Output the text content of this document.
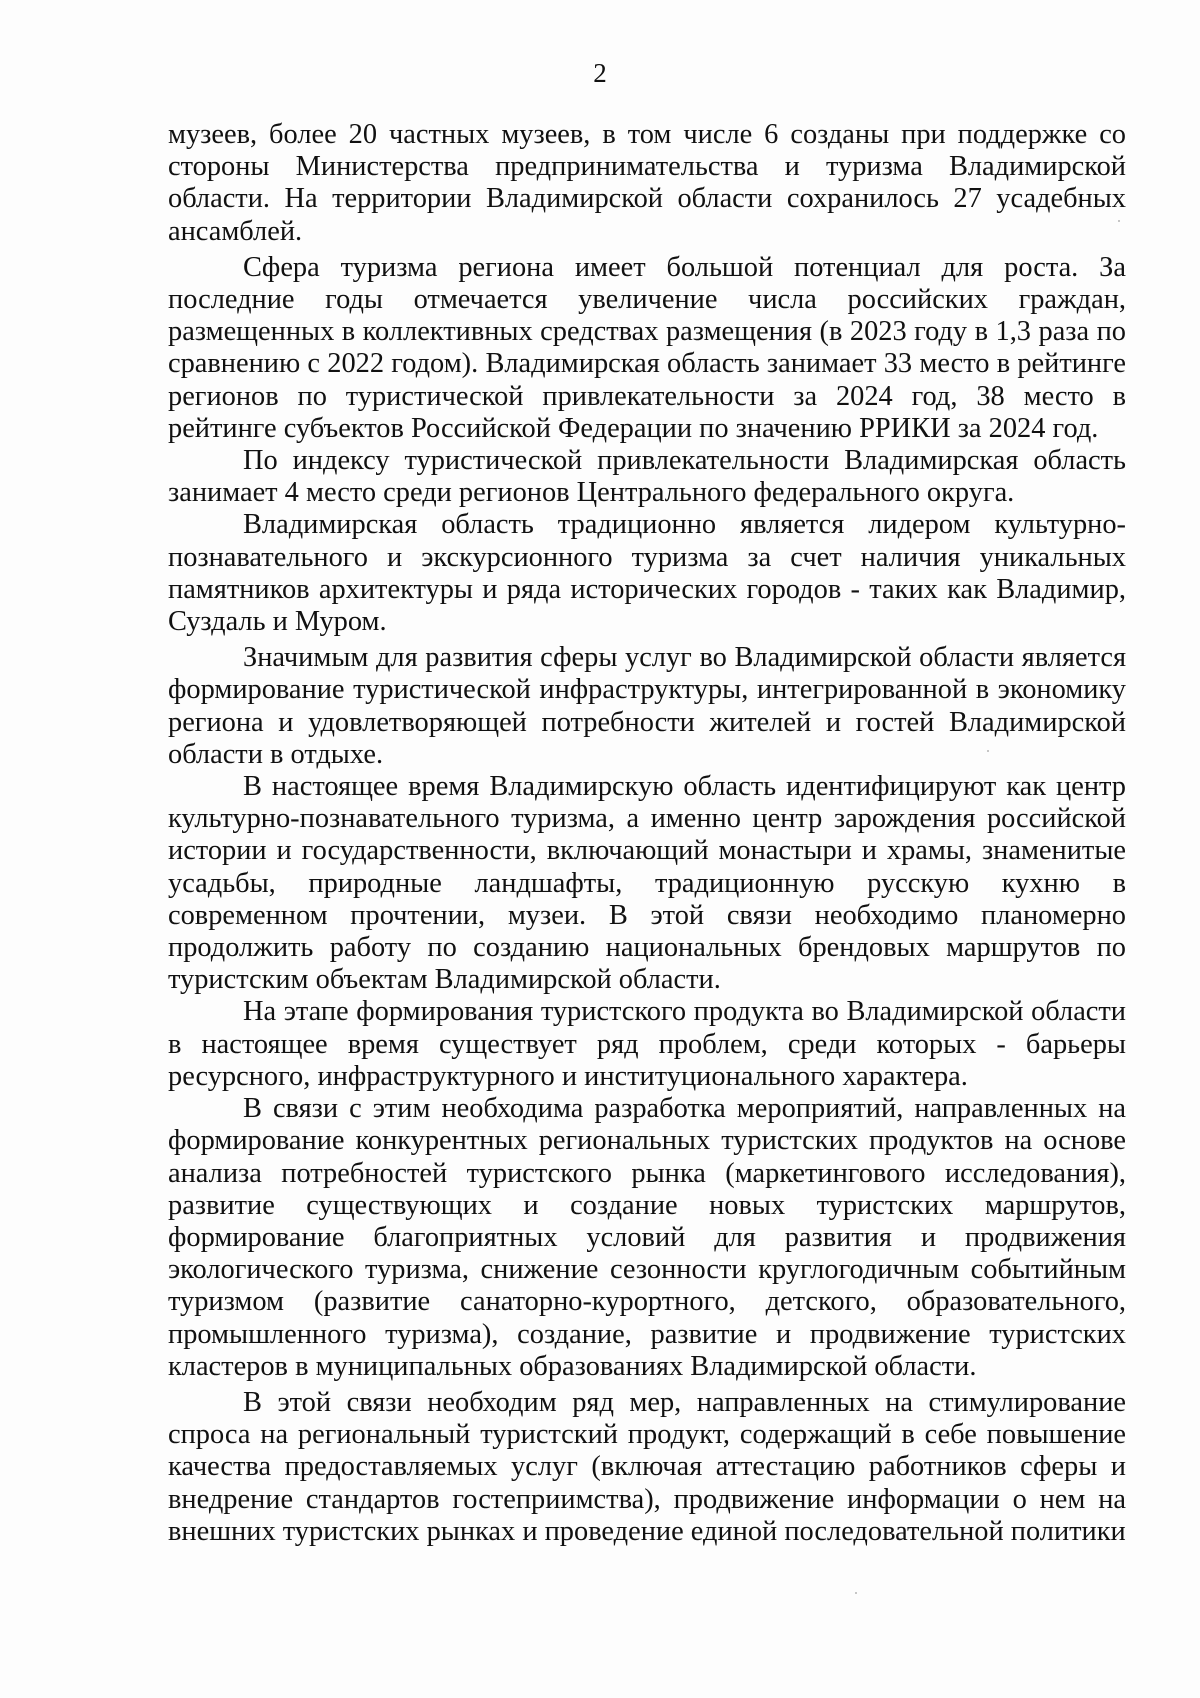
2

музеев, более 20 частных музеев, в том числе 6 созданы при поддержке со стороны Министерства предпринимательства и туризма Владимирской области. На территории Владимирской области сохранилось 27 усадебных ансамблей.

Сфера туризма региона имеет большой потенциал для роста. За последние годы отмечается увеличение числа российских граждан, размещенных в коллективных средствах размещения (в 2023 году в 1,3 раза по сравнению с 2022 годом). Владимирская область занимает 33 место в рейтинге регионов по туристической привлекательности за 2024 год, 38 место в рейтинге субъектов Российской Федерации по значению РРИКИ за 2024 год.

По индексу туристической привлекательности Владимирская область занимает 4 место среди регионов Центрального федерального округа.

Владимирская область традиционно является лидером культурно-познавательного и экскурсионного туризма за счет наличия уникальных памятников архитектуры и ряда исторических городов - таких как Владимир, Суздаль и Муром.

Значимым для развития сферы услуг во Владимирской области является формирование туристической инфраструктуры, интегрированной в экономику региона и удовлетворяющей потребности жителей и гостей Владимирской области в отдыхе.

В настоящее время Владимирскую область идентифицируют как центр культурно-познавательного туризма, а именно центр зарождения российской истории и государственности, включающий монастыри и храмы, знаменитые усадьбы, природные ландшафты, традиционную русскую кухню в современном прочтении, музеи. В этой связи необходимо планомерно продолжить работу по созданию национальных брендовых маршрутов по туристским объектам Владимирской области.

На этапе формирования туристского продукта во Владимирской области в настоящее время существует ряд проблем, среди которых - барьеры ресурсного, инфраструктурного и институционального характера.

В связи с этим необходима разработка мероприятий, направленных на формирование конкурентных региональных туристских продуктов на основе анализа потребностей туристского рынка (маркетингового исследования), развитие существующих и создание новых туристских маршрутов, формирование благоприятных условий для развития и продвижения экологического туризма, снижение сезонности круглогодичным событийным туризмом (развитие санаторно-курортного, детского, образовательного, промышленного туризма), создание, развитие и продвижение туристских кластеров в муниципальных образованиях Владимирской области.

В этой связи необходим ряд мер, направленных на стимулирование спроса на региональный туристский продукт, содержащий в себе повышение качества предоставляемых услуг (включая аттестацию работников сферы и внедрение стандартов гостеприимства), продвижение информации о нем на внешних туристских рынках и проведение единой последовательной политики
